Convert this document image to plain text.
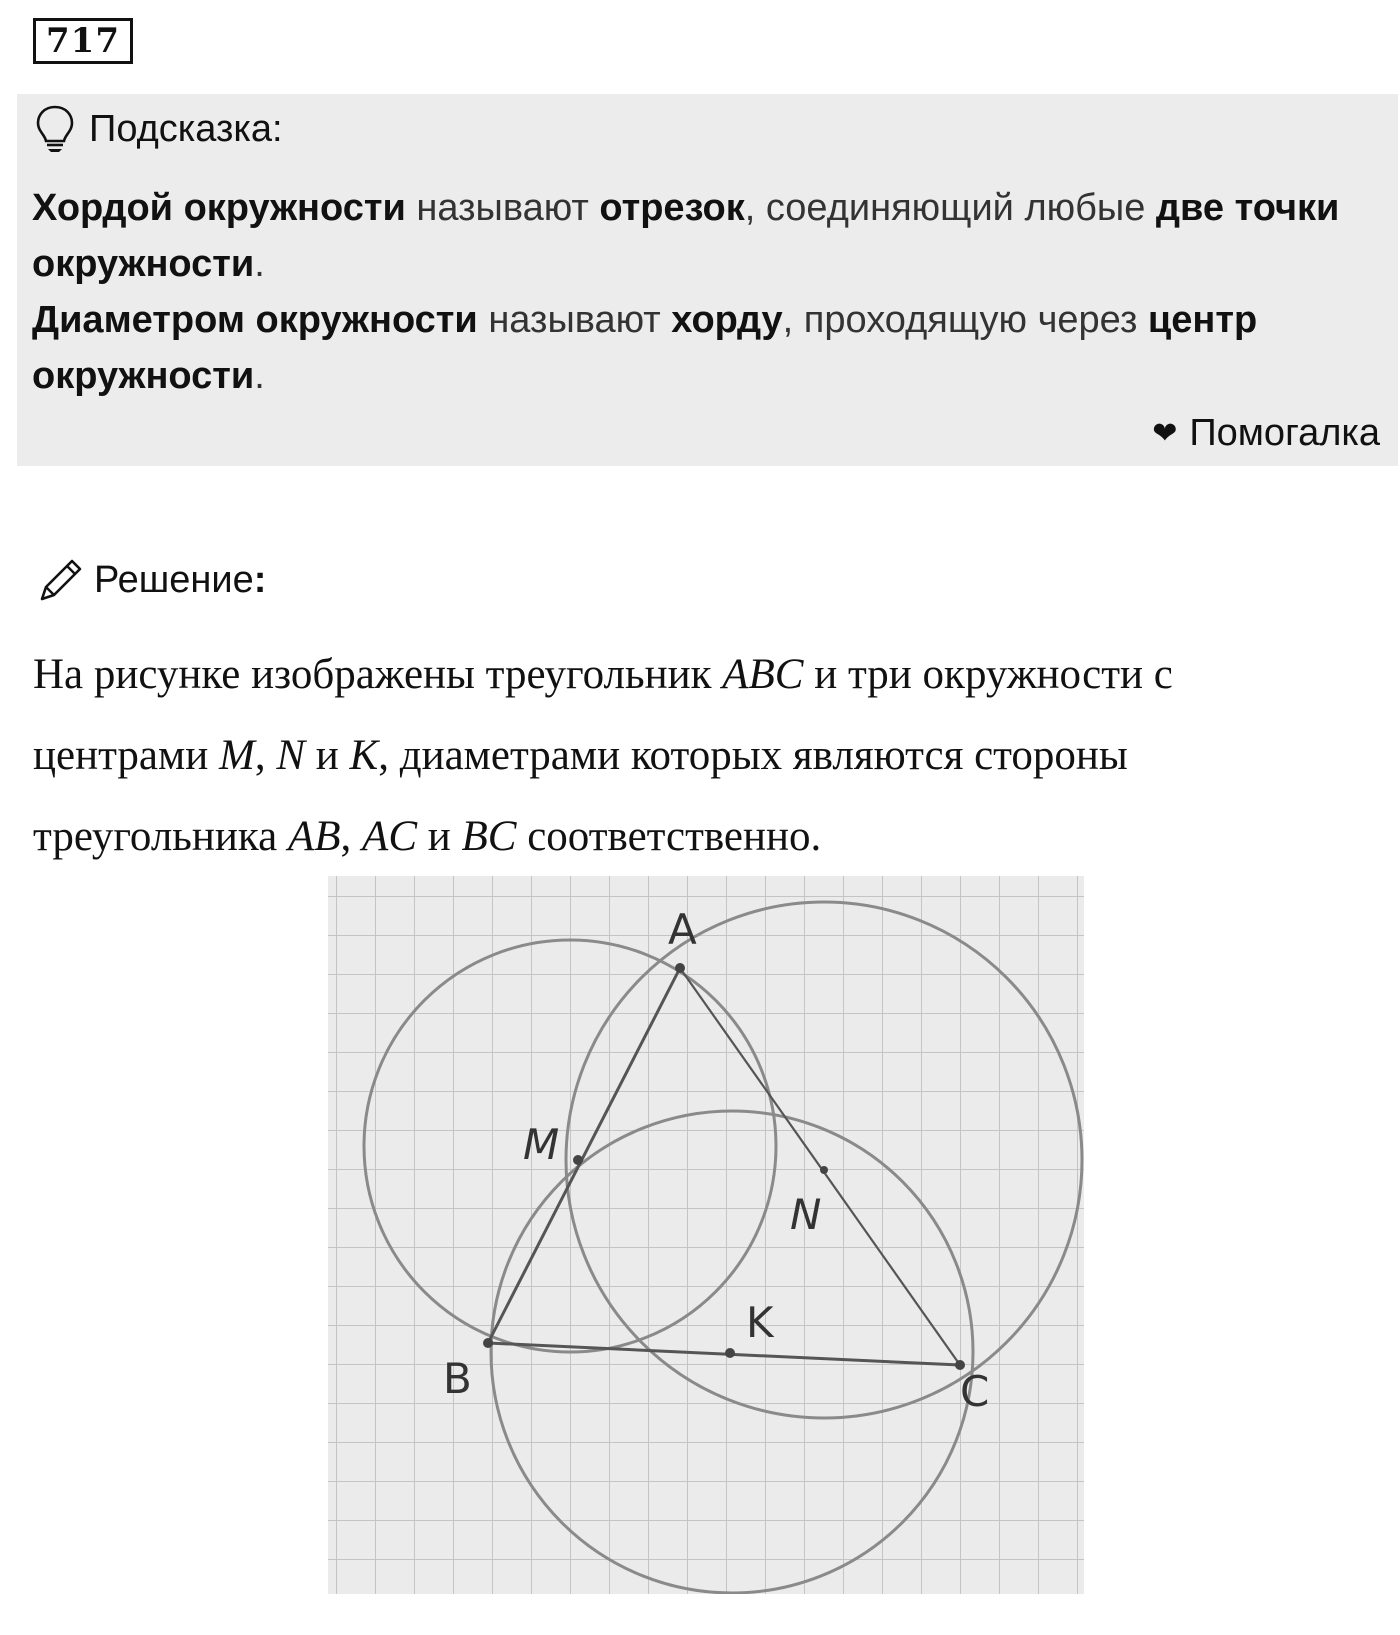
717
Подсказка:
Хордой окружности называют отрезок, соединяющий любые две точки окружности.
Диаметром окружности называют хорду, проходящую через центр окружности.
❤ Помогалка
Решение:
На рисунке изображены треугольник ABC и три окружности с
центрами M, N и K, диаметрами которых являются стороны
треугольника AB, AC и BC соответственно.
A
B	C
M
N
K
